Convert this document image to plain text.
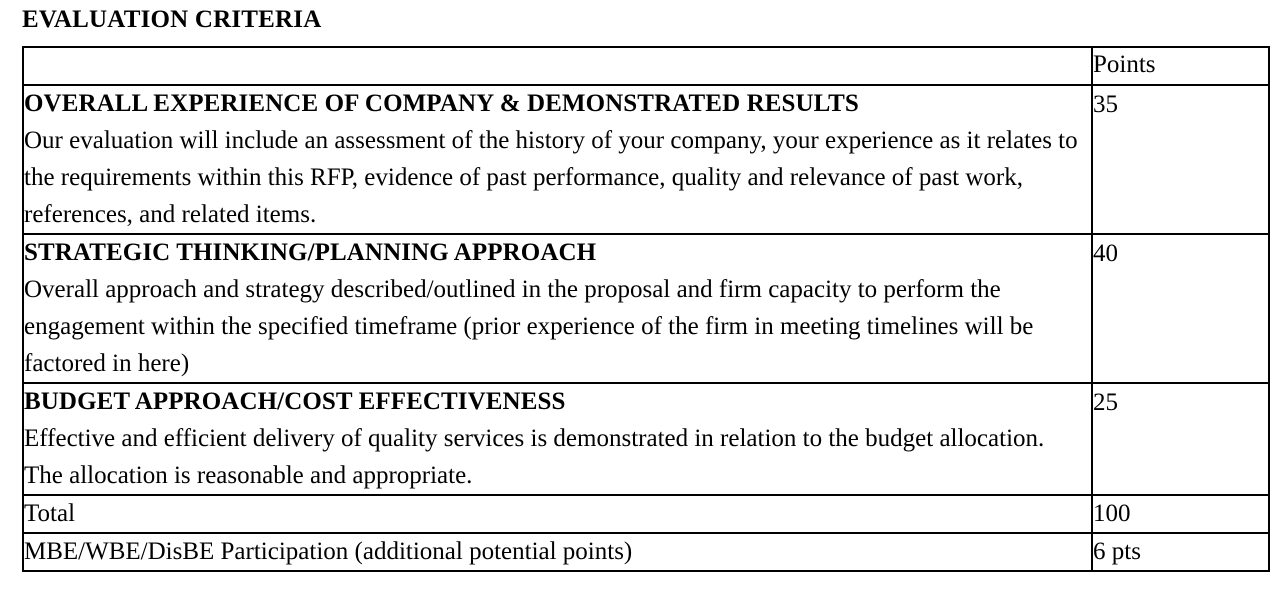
EVALUATION CRITERIA
	Points

OVERALL EXPERIENCE OF COMPANY & DEMONSTRATED RESULTS
Our evaluation will include an assessment of the history of your company, your experience as it relates to the requirements within this RFP, evidence of past performance, quality and relevance of past work, references, and related items.	35

STRATEGIC THINKING/PLANNING APPROACH
Overall approach and strategy described/outlined in the proposal and firm capacity to perform the engagement within the specified timeframe (prior experience of the firm in meeting timelines will be factored in here)	40

BUDGET APPROACH/COST EFFECTIVENESS
Effective and efficient delivery of quality services is demonstrated in relation to the budget allocation.  The allocation is reasonable and appropriate.	25
Total	100
MBE/WBE/DisBE Participation (additional potential points)	6 pts
